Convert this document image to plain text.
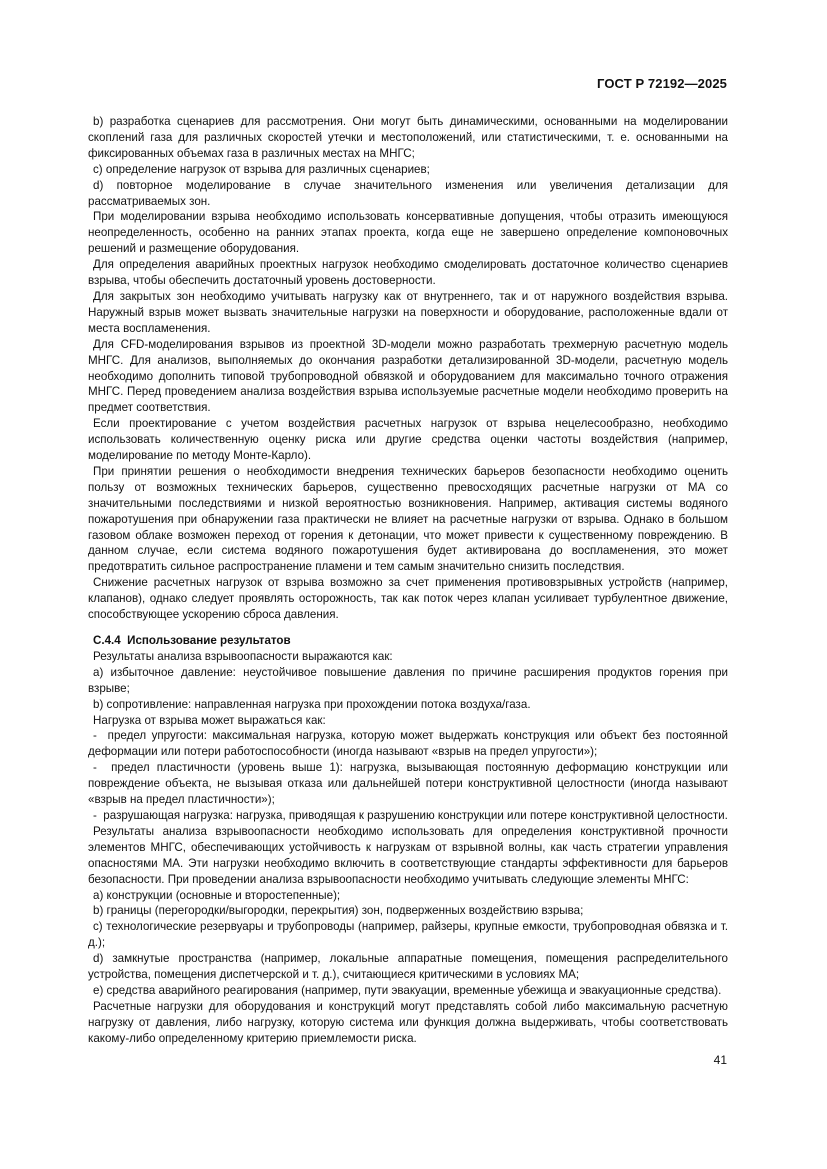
ГОСТ Р 72192—2025

b) разработка сценариев для рассмотрения. Они могут быть динамическими, основанными на моделировании скоплений газа для различных скоростей утечки и местоположений, или статистическими, т. е. основанными на фиксированных объемах газа в различных местах на МНГС;

c) определение нагрузок от взрыва для различных сценариев;

d) повторное моделирование в случае значительного изменения или увеличения детализации для рассматриваемых зон.

При моделировании взрыва необходимо использовать консервативные допущения, чтобы отразить имеющуюся неопределенность, особенно на ранних этапах проекта, когда еще не завершено определение компоновочных решений и размещение оборудования.

Для определения аварийных проектных нагрузок необходимо смоделировать достаточное количество сценариев взрыва, чтобы обеспечить достаточный уровень достоверности.

Для закрытых зон необходимо учитывать нагрузку как от внутреннего, так и от наружного воздействия взрыва. Наружный взрыв может вызвать значительные нагрузки на поверхности и оборудование, расположенные вдали от места воспламенения.

Для CFD-моделирования взрывов из проектной 3D-модели можно разработать трехмерную расчетную модель МНГС. Для анализов, выполняемых до окончания разработки детализированной 3D-модели, расчетную модель необходимо дополнить типовой трубопроводной обвязкой и оборудованием для максимально точного отражения МНГС. Перед проведением анализа воздействия взрыва используемые расчетные модели необходимо проверить на предмет соответствия.

Если проектирование с учетом воздействия расчетных нагрузок от взрыва нецелесообразно, необходимо использовать количественную оценку риска или другие средства оценки частоты воздействия (например, моделирование по методу Монте-Карло).

При принятии решения о необходимости внедрения технических барьеров безопасности необходимо оценить пользу от возможных технических барьеров, существенно превосходящих расчетные нагрузки от МА со значительными последствиями и низкой вероятностью возникновения. Например, активация системы водяного пожаротушения при обнаружении газа практически не влияет на расчетные нагрузки от взрыва. Однако в большом газовом облаке возможен переход от горения к детонации, что может привести к существенному повреждению. В данном случае, если система водяного пожаротушения будет активирована до воспламенения, это может предотвратить сильное распространение пламени и тем самым значительно снизить последствия.

Снижение расчетных нагрузок от взрыва возможно за счет применения противовзрывных устройств (например, клапанов), однако следует проявлять осторожность, так как поток через клапан усиливает турбулентное движение, способствующее ускорению сброса давления.

С.4.4  Использование результатов

Результаты анализа взрывоопасности выражаются как:

a) избыточное давление: неустойчивое повышение давления по причине расширения продуктов горения при взрыве;

b) сопротивление: направленная нагрузка при прохождении потока воздуха/газа.

Нагрузка от взрыва может выражаться как:

-  предел упругости: максимальная нагрузка, которую может выдержать конструкция или объект без постоянной деформации или потери работоспособности (иногда называют «взрыв на предел упругости»);

-  предел пластичности (уровень выше 1): нагрузка, вызывающая постоянную деформацию конструкции или повреждение объекта, не вызывая отказа или дальнейшей потери конструктивной целостности (иногда называют «взрыв на предел пластичности»);

-  разрушающая нагрузка: нагрузка, приводящая к разрушению конструкции или потере конструктивной целостности.

Результаты анализа взрывоопасности необходимо использовать для определения конструктивной прочности элементов МНГС, обеспечивающих устойчивость к нагрузкам от взрывной волны, как часть стратегии управления опасностями МА. Эти нагрузки необходимо включить в соответствующие стандарты эффективности для барьеров безопасности. При проведении анализа взрывоопасности необходимо учитывать следующие элементы МНГС:

a) конструкции (основные и второстепенные);

b) границы (перегородки/выгородки, перекрытия) зон, подверженных воздействию взрыва;

c) технологические резервуары и трубопроводы (например, райзеры, крупные емкости, трубопроводная обвязка и т. д.);

d) замкнутые пространства (например, локальные аппаратные помещения, помещения распределительного устройства, помещения диспетчерской и т. д.), считающиеся критическими в условиях МА;

e) средства аварийного реагирования (например, пути эвакуации, временные убежища и эвакуационные средства).

Расчетные нагрузки для оборудования и конструкций могут представлять собой либо максимальную расчетную нагрузку от давления, либо нагрузку, которую система или функция должна выдерживать, чтобы соответствовать какому-либо определенному критерию приемлемости риска.

41
